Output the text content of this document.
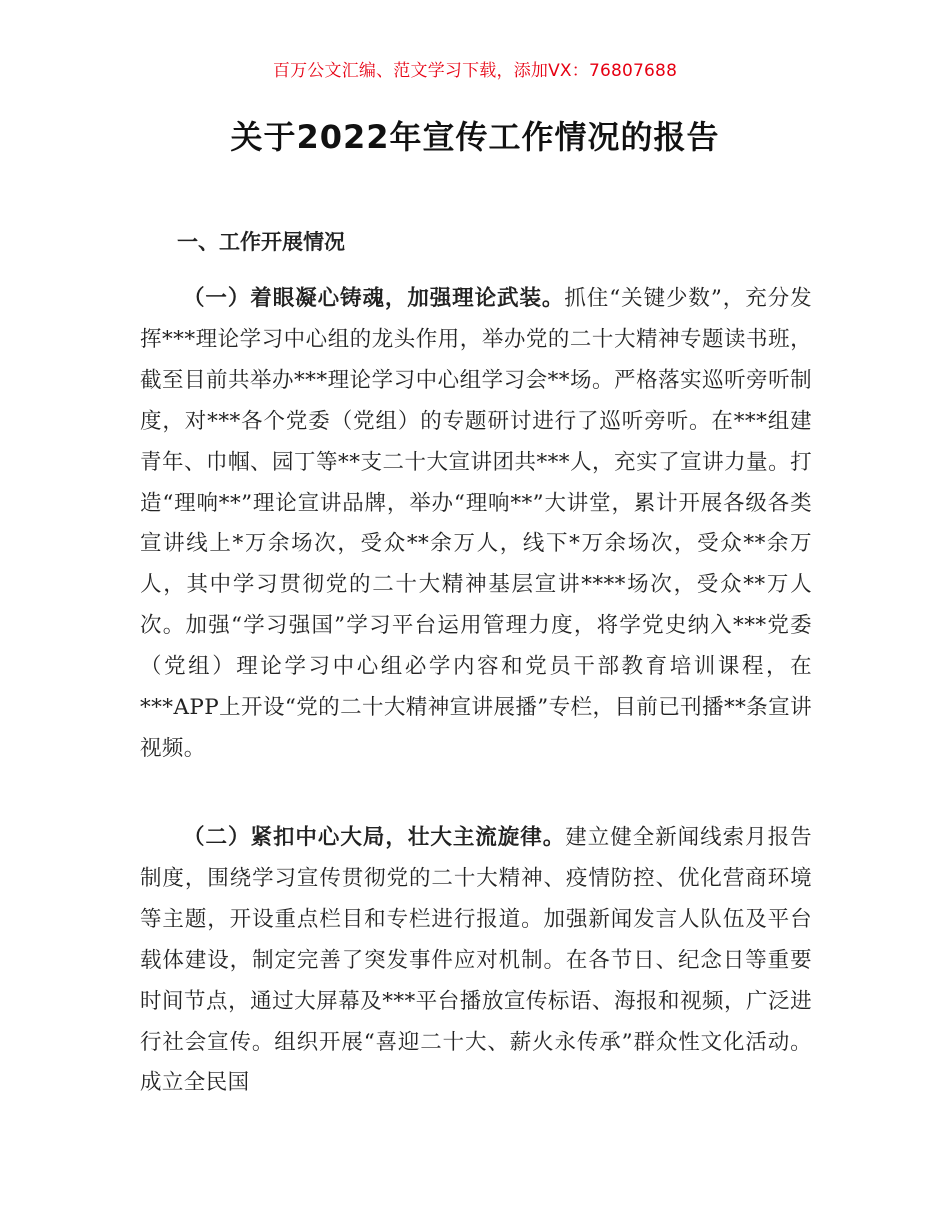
百万公文汇编、范文学习下载，添加VX：76807688
关于2022年宣传工作情况的报告
一、工作开展情况

（一）着眼凝心铸魂，加强理论武装。抓住“关键少数”，充分发挥***理论学习中心组的龙头作用，举办党的二十大精神专题读书班，截至目前共举办***理论学习中心组学习会**场。严格落实巡听旁听制度，对***各个党委（党组）的专题研讨进行了巡听旁听。在***组建青年、巾帼、园丁等**支二十大宣讲团共***人，充实了宣讲力量。打造“理响**”理论宣讲品牌，举办“理响**”大讲堂，累计开展各级各类宣讲线上*万余场次，受众**余万人，线下*万余场次，受众**余万人，其中学习贯彻党的二十大精神基层宣讲****场次，受众**万人次。加强“学习强国”学习平台运用管理力度，将学党史纳入***党委（党组）理论学习中心组必学内容和党员干部教育培训课程，在***APP上开设“党的二十大精神宣讲展播”专栏，目前已刊播**条宣讲视频。

（二）紧扣中心大局，壮大主流旋律。建立健全新闻线索月报告制度，围绕学习宣传贯彻党的二十大精神、疫情防控、优化营商环境等主题，开设重点栏目和专栏进行报道。加强新闻发言人队伍及平台载体建设，制定完善了突发事件应对机制。在各节日、纪念日等重要时间节点，通过大屏幕及***平台播放宣传标语、海报和视频，广泛进行社会宣传。组织开展“喜迎二十大、薪火永传承”群众性文化活动。成立全民国
